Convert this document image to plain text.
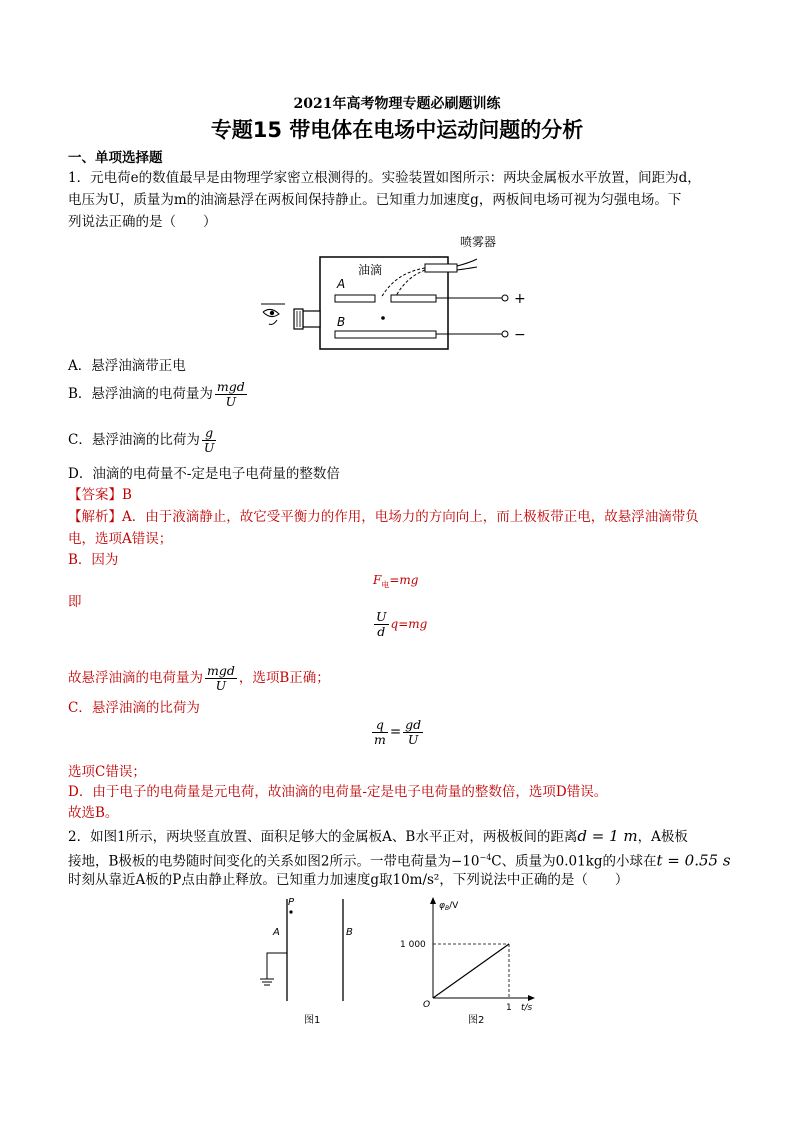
2021年高考物理专题必刷题训练
专题15 带电体在电场中运动问题的分析
一、单项选择题
1．元电荷e的数值最早是由物理学家密立根测得的。实验装置如图所示：两块金属板水平放置，间距为d，
电压为U，质量为m的油滴悬浮在两板间保持静止。已知重力加速度g，两板间电场可视为匀强电场。下
列说法正确的是（　　）
喷雾器
油滴
A
B
+
−
A．悬浮油滴带正电
B．悬浮油滴的电荷量为 $\frac{\text{mgd}}{U}$
C．悬浮油滴的比荷为 $\frac{g}{U}$
D．油滴的电荷量不-定是电子电荷量的整数倍
【答案】B
【解析】A．由于液滴静止，故它受平衡力的作用，电场力的方向向上，而上极板带正电，故悬浮油滴带负
电，选项A错误；
B．因为
$F_电=mg$
即
$\frac{U}{d} q=mg$
故悬浮油滴的电荷量为 $\frac{\text{mgd}}{U}$ ，选项B正确；
C．悬浮油滴的比荷为
$\frac{q}{m} = \frac{gd}{U}$
选项C错误；
D．由于电子的电荷量是元电荷，故油滴的电荷量-定是电子电荷量的整数倍，选项D错误。
故选B。
2．如图1所示，两块竖直放置、面积足够大的金属板A、B水平正对，两极板间的距离d = 1 m，A极板
接地，B极板的电势随时间变化的关系如图2所示。一带电荷量为$-10^{-4}C$、质量为0.01kg的小球在t = 0.55 s
时刻从靠近A板的P点由静止释放。已知重力加速度g取10m/s²，下列说法中正确的是（　　）
P
A	B
图1
$\varphi_B/V$
1 000
O	1 t/s
图2
